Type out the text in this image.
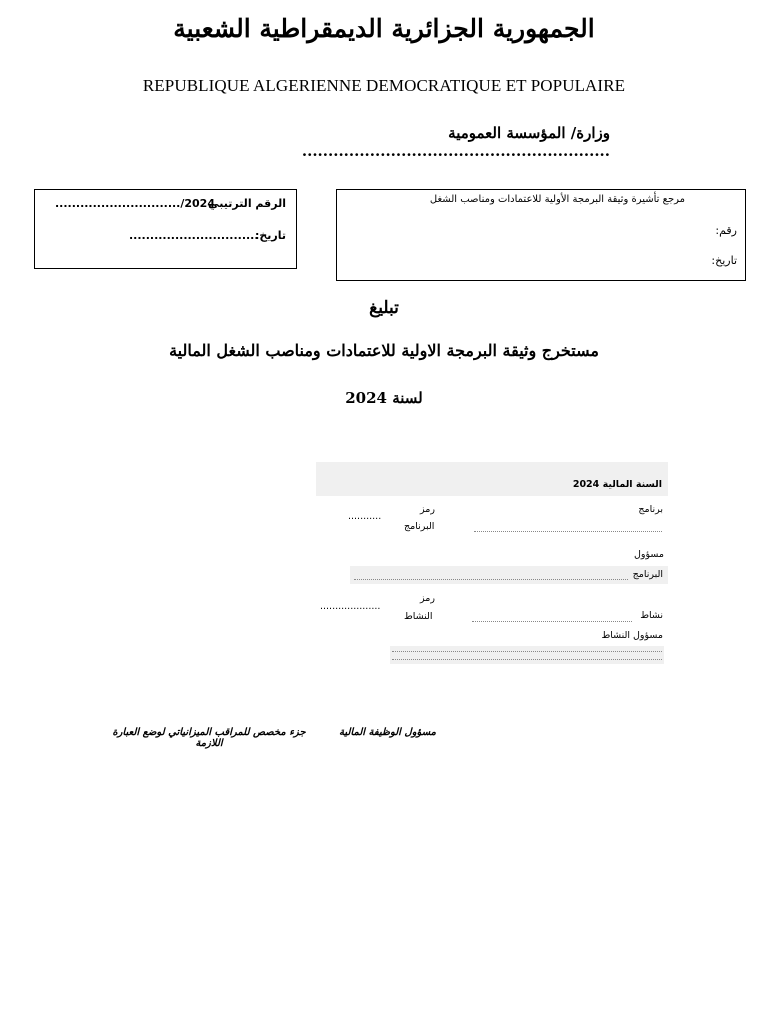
الجمهورية الجزائرية الديمقراطية الشعبية
REPUBLIQUE ALGERIENNE DEMOCRATIQUE ET POPULAIRE
وزارة/ المؤسسة العمومية ...........................................................
الرقم الترتيبي
............................../2024
تاريخ:
...............................
مرجع تأشيرة وثيقة البرمجة الأولية للاعتمادات ومناصب الشغل
رقم:
تاريخ:
تبليغ
مستخرج وثيقة البرمجة الاولية للاعتمادات ومناصب الشغل المالية
لسنة 2024
السنة المالية 2024
برنامج
رمز
البرنامج
...........
مسؤول
البرنامج
رمز
النشاط
....................
نشاط
مسؤول النشاط
مسؤول الوظيفة المالية
جزء مخصص للمراقب الميزانياتي لوضع العبارة
اللازمة
